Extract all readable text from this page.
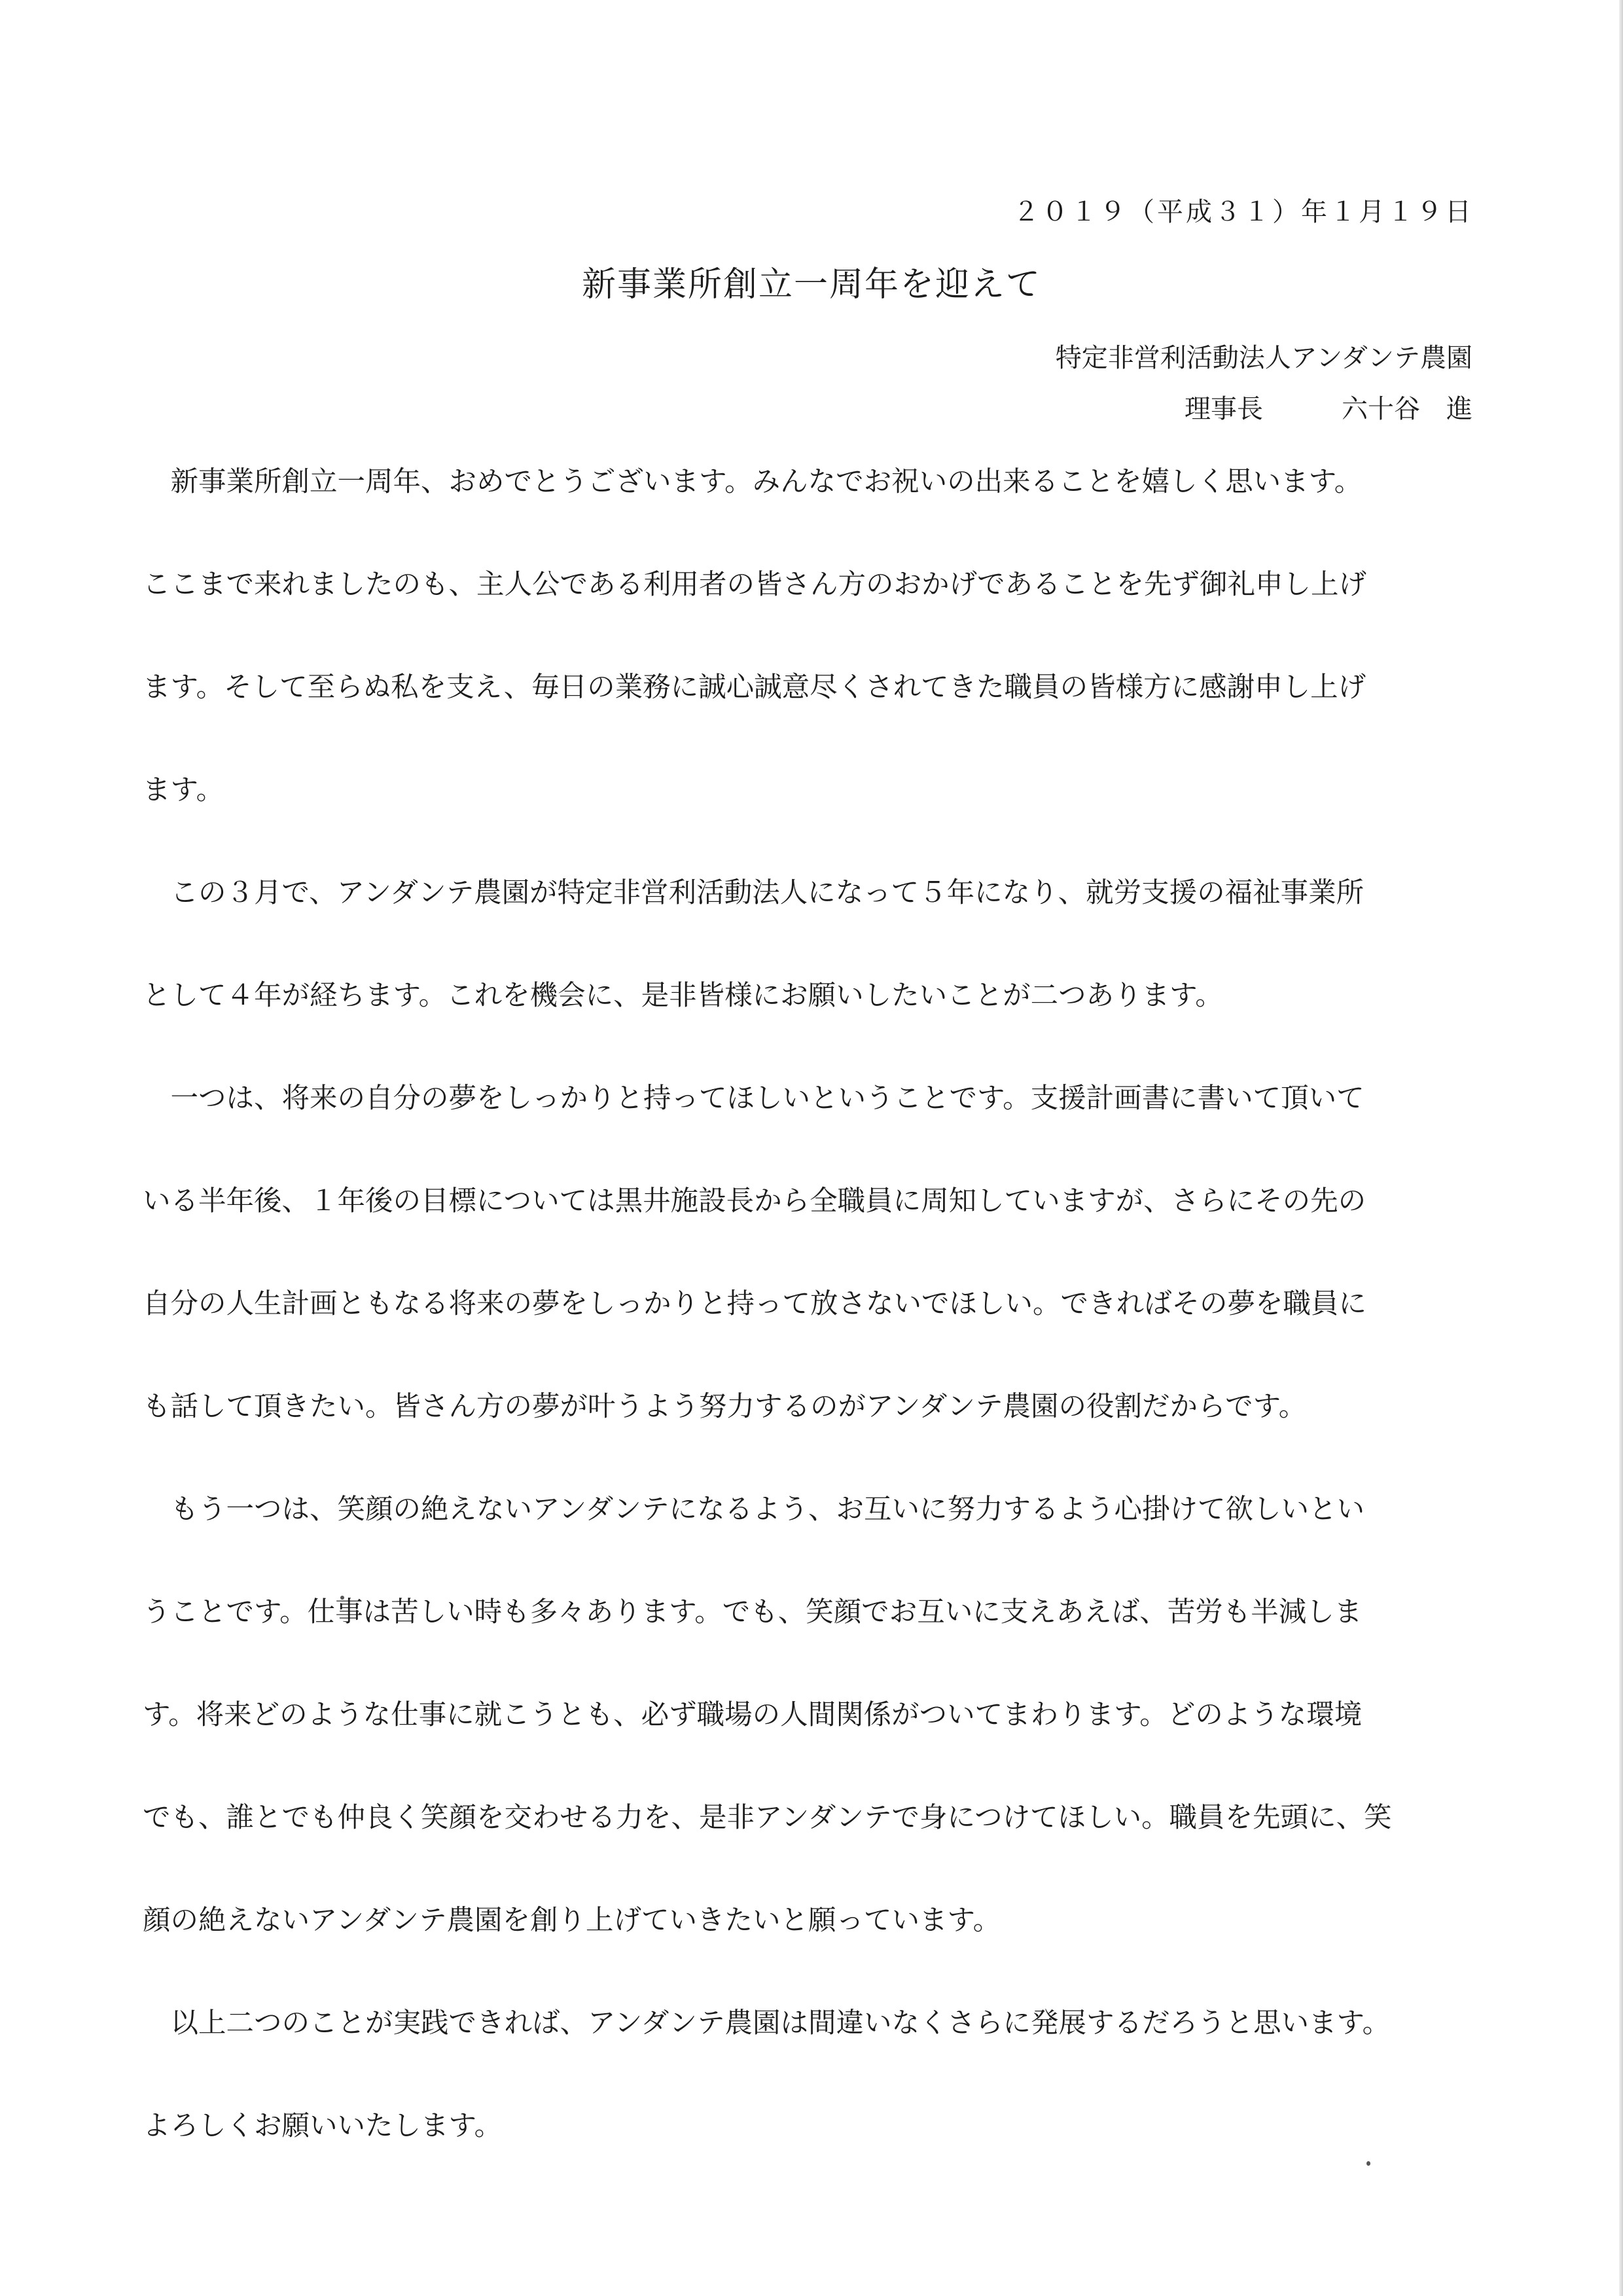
２０１９（平成３１）年１月１９日
新事業所創立一周年を迎えて
特定非営利活動法人アンダンテ農園
理事長	六十谷　進
　新事業所創立一周年、おめでとうございます。みんなでお祝いの出来ることを嬉しく思います。
ここまで来れましたのも、主人公である利用者の皆さん方のおかげであることを先ず御礼申し上げ
ます。そして至らぬ私を支え、毎日の業務に誠心誠意尽くされてきた職員の皆様方に感謝申し上げ
ます。
　この３月で、アンダンテ農園が特定非営利活動法人になって５年になり、就労支援の福祉事業所
として４年が経ちます。これを機会に、是非皆様にお願いしたいことが二つあります。
　一つは、将来の自分の夢をしっかりと持ってほしいということです。支援計画書に書いて頂いて
いる半年後、１年後の目標については黒井施設長から全職員に周知していますが、さらにその先の
自分の人生計画ともなる将来の夢をしっかりと持って放さないでほしい。できればその夢を職員に
も話して頂きたい。皆さん方の夢が叶うよう努力するのがアンダンテ農園の役割だからです。
　もう一つは、笑顔の絶えないアンダンテになるよう、お互いに努力するよう心掛けて欲しいとい
うことです。仕事は苦しい時も多々あります。でも、笑顔でお互いに支えあえば、苦労も半減しま
す。将来どのような仕事に就こうとも、必ず職場の人間関係がついてまわります。どのような環境
でも、誰とでも仲良く笑顔を交わせる力を、是非アンダンテで身につけてほしい。職員を先頭に、笑
顔の絶えないアンダンテ農園を創り上げていきたいと願っています。
　以上二つのことが実践できれば、アンダンテ農園は間違いなくさらに発展するだろうと思います。
よろしくお願いいたします。
